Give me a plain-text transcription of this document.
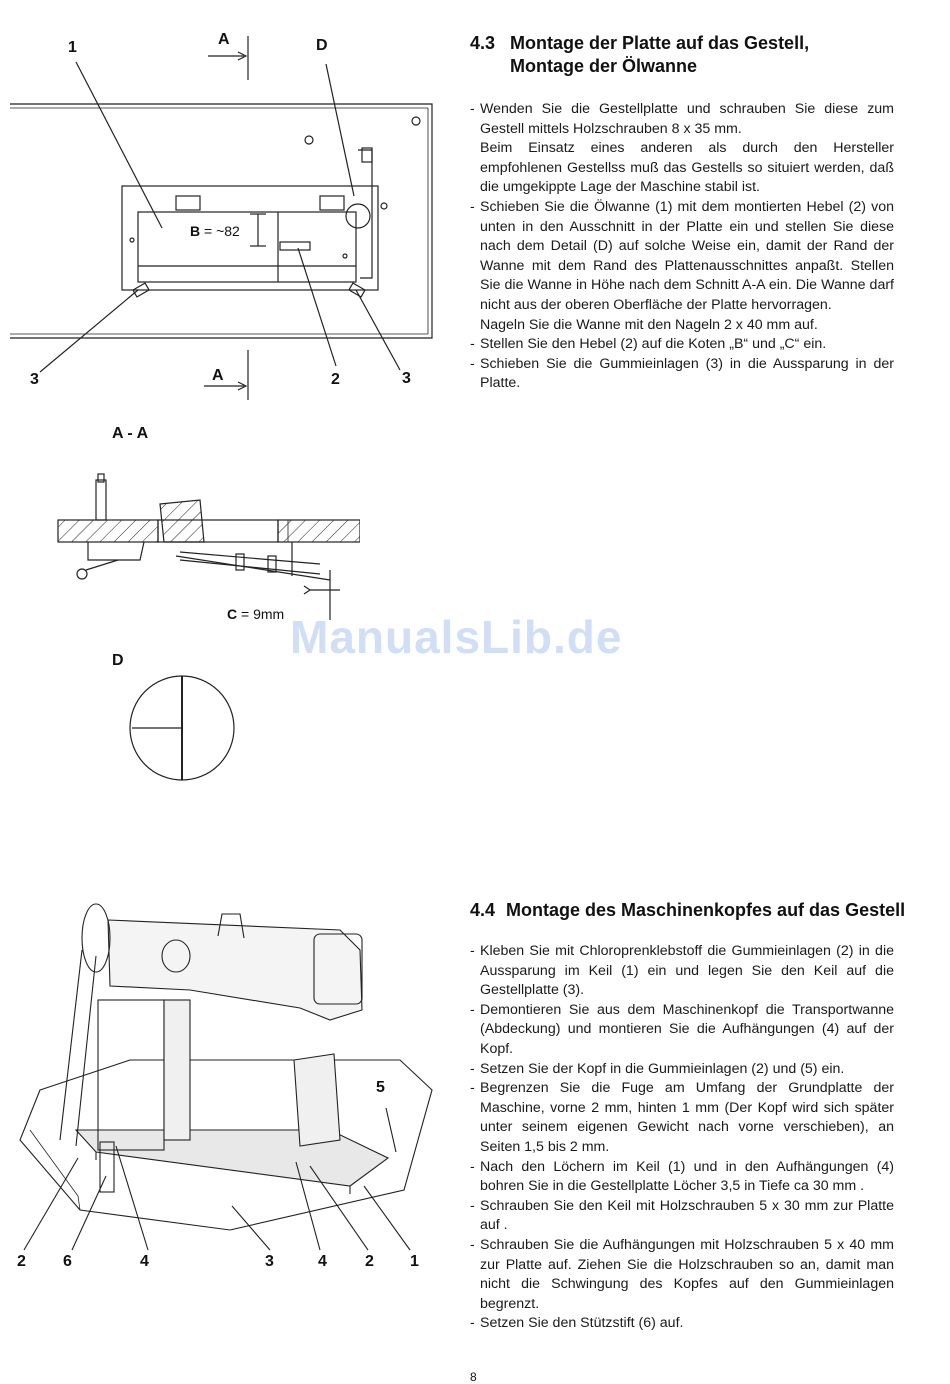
1	A	D
3	A	2	3
B = ~82
A - A
C = 9mm
D
5
2 6	4	3	4 2 1
4.3 Montage der Platte auf das Gestell,
Montage der Ölwanne
- Wenden Sie die Gestellplatte und schrauben Sie diese zum Gestell mittels Holzschrauben 8 x 35 mm.
Beim Einsatz eines anderen als durch den Hersteller empfohlenen Gestellss muß das Gestells so situiert werden, daß die umgekippte Lage der Maschine stabil ist.
- Schieben Sie die Ölwanne (1) mit dem montierten Hebel (2) von unten in den Ausschnitt in der Platte ein und stellen Sie diese nach dem Detail (D) auf solche Weise ein, damit der Rand der Wanne mit dem Rand des Plattenausschnittes anpaßt. Stellen Sie die Wanne in Höhe nach dem Schnitt A-A ein. Die Wanne darf nicht aus der oberen Oberfläche der Platte hervorragen.
Nageln Sie die Wanne mit den Nageln 2 x 40 mm auf.
- Stellen Sie den Hebel (2) auf die Koten „B“ und „C“ ein.
- Schieben Sie die Gummieinlagen (3) in die Aussparung in der Platte.
4.4 Montage des Maschinenkopfes auf das Gestell
- Kleben Sie mit Chloroprenklebstoff die Gummieinlagen (2) in die Aussparung im Keil (1) ein und legen Sie den Keil auf die Gestellplatte (3).
- Demontieren Sie aus dem Maschinenkopf die Transportwanne (Abdeckung) und montieren Sie die Aufhängungen (4) auf der Kopf.
- Setzen Sie der Kopf in die Gummieinlagen (2) und (5) ein.
- Begrenzen Sie die Fuge am Umfang der Grundplatte der Maschine, vorne 2 mm, hinten 1 mm (Der Kopf wird sich später unter seinem eigenen Gewicht nach vorne verschieben), an Seiten 1,5 bis 2 mm.
- Nach den Löchern im Keil (1) und in den Aufhängungen (4) bohren Sie in die Gestellplatte Löcher 3,5 in Tiefe ca 30 mm .
- Schrauben Sie den Keil mit Holzschrauben 5 x 30 mm zur Platte auf .
- Schrauben Sie die Aufhängungen mit Holzschrauben 5 x 40 mm zur Platte auf. Ziehen Sie die Holzschrauben so an, damit man nicht die Schwingung des Kopfes auf den Gummieinlagen begrenzt.
- Setzen Sie den Stützstift (6) auf.
ManualsLib.de
8
